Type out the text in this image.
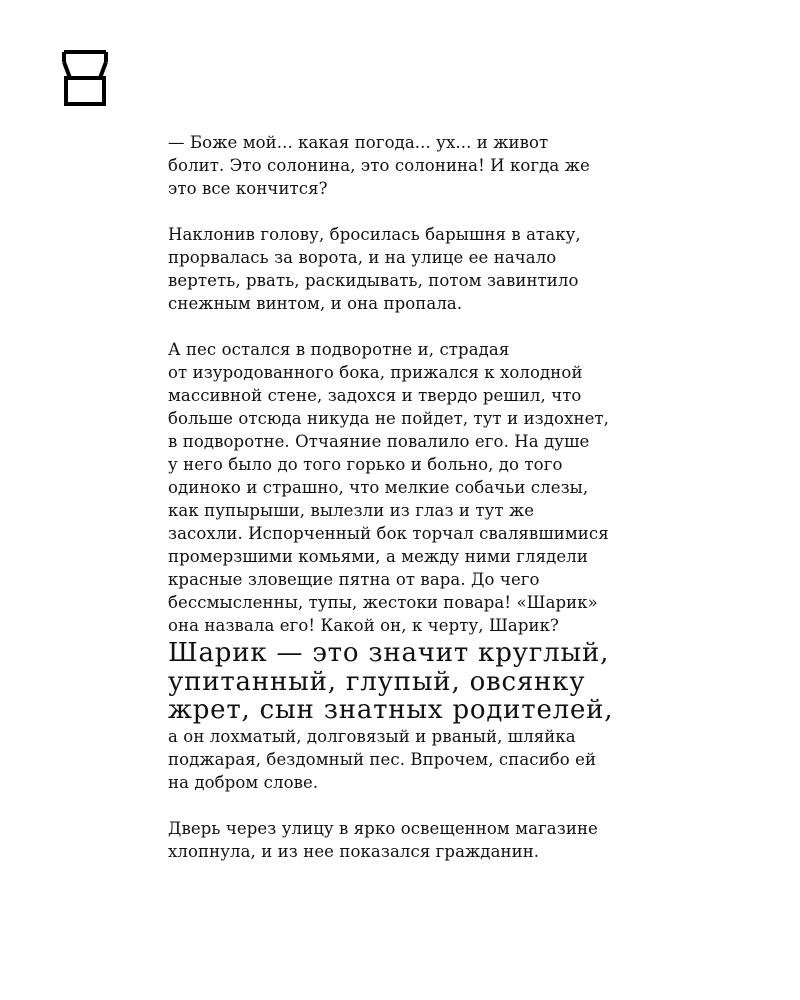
— Боже мой... какая погода... ух... и живот
болит. Это солонина, это солонина! И когда же
это все кончится?

Наклонив голову, бросилась барышня в атаку,
прорвалась за ворота, и на улице ее начало
вертеть, рвать, раскидывать, потом завинтило
снежным винтом, и она пропала.

А пес остался в подворотне и, страдая
от изуродованного бока, прижался к холодной
массивной стене, задохся и твердо решил, что
больше отсюда никуда не пойдет, тут и издохнет,
в подворотне. Отчаяние повалило его. На душе
у него было до того горько и больно, до того
одиноко и страшно, что мелкие собачьи слезы,
как пупырыши, вылезли из глаз и тут же
засохли. Испорченный бок торчал свалявшимися
промерзшими комьями, а между ними глядели
красные зловещие пятна от вара. До чего
бессмысленны, тупы, жестоки повара! «Шарик»
она назвала его! Какой он, к черту, Шарик?

Шарик — это значит круглый,
упитанный, глупый, овсянку
жрет, сын знатных родителей,

а он лохматый, долговязый и рваный, шляйка
поджарая, бездомный пес. Впрочем, спасибо ей
на добром слове.

Дверь через улицу в ярко освещенном магазине
хлопнула, и из нее показался гражданин.
